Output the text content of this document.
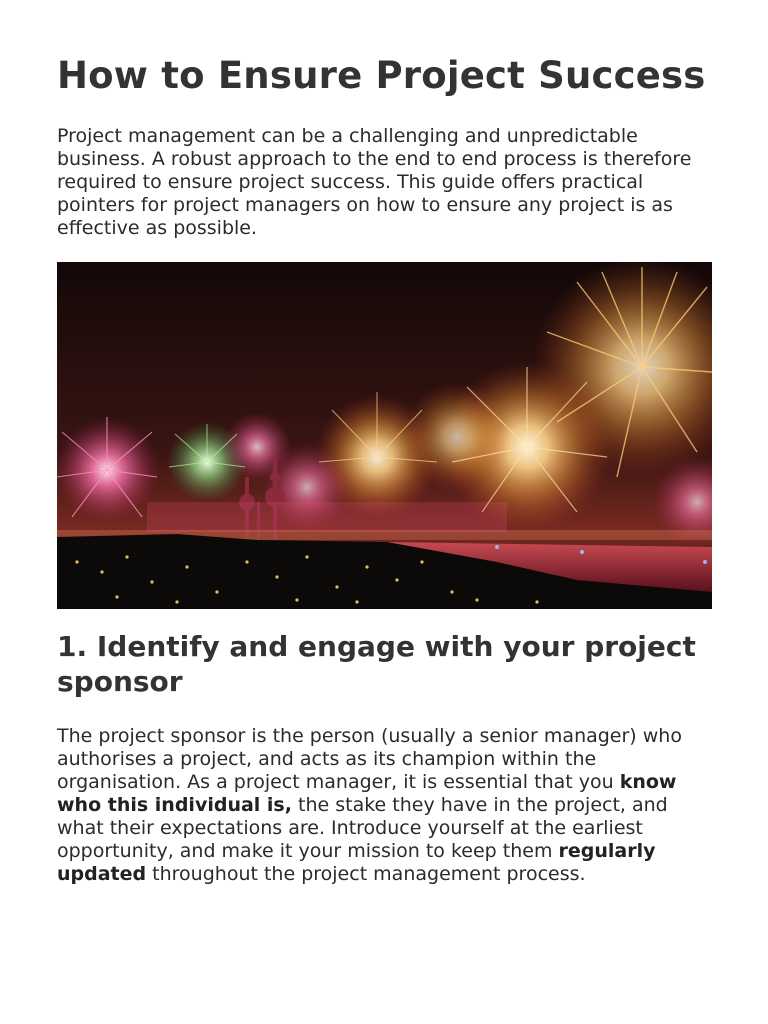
How to Ensure Project Success

Project management can be a challenging and unpredictable business. A robust approach to the end to end process is therefore required to ensure project success. This guide offers practical pointers for project managers on how to ensure any project is as effective as possible.

1. Identify and engage with your project sponsor

The project sponsor is the person (usually a senior manager) who authorises a project, and acts as its champion within the organisation. As a project manager, it is essential that you know who this individual is, the stake they have in the project, and what their expectations are. Introduce yourself at the earliest opportunity, and make it your mission to keep them regularly updated throughout the project management process.
